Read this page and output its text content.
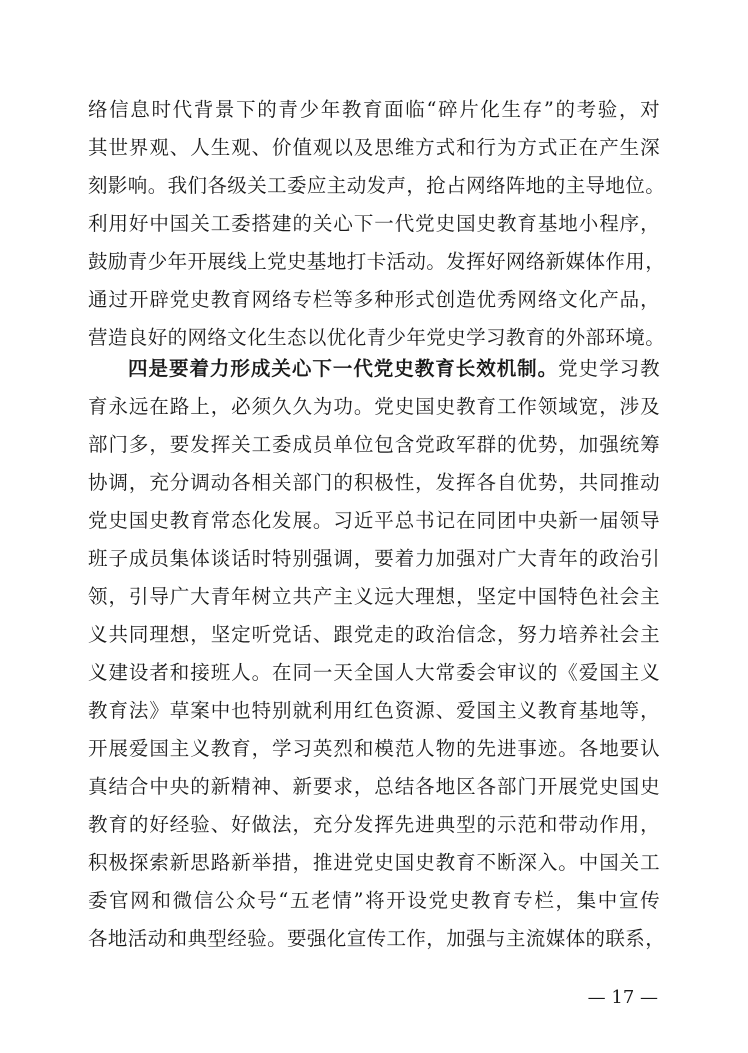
络信息时代背景下的青少年教育面临“碎片化生存”的考验，对
其世界观、人生观、价值观以及思维方式和行为方式正在产生深
刻影响。我们各级关工委应主动发声，抢占网络阵地的主导地位。
利用好中国关工委搭建的关心下一代党史国史教育基地小程序，
鼓励青少年开展线上党史基地打卡活动。发挥好网络新媒体作用，
通过开辟党史教育网络专栏等多种形式创造优秀网络文化产品，
营造良好的网络文化生态以优化青少年党史学习教育的外部环境。
四是要着力形成关心下一代党史教育长效机制。党史学习教
育永远在路上，必须久久为功。党史国史教育工作领域宽，涉及
部门多，要发挥关工委成员单位包含党政军群的优势，加强统筹
协调，充分调动各相关部门的积极性，发挥各自优势，共同推动
党史国史教育常态化发展。习近平总书记在同团中央新一届领导
班子成员集体谈话时特别强调，要着力加强对广大青年的政治引
领，引导广大青年树立共产主义远大理想，坚定中国特色社会主
义共同理想，坚定听党话、跟党走的政治信念，努力培养社会主
义建设者和接班人。在同一天全国人大常委会审议的《爱国主义
教育法》草案中也特别就利用红色资源、爱国主义教育基地等，
开展爱国主义教育，学习英烈和模范人物的先进事迹。各地要认
真结合中央的新精神、新要求，总结各地区各部门开展党史国史
教育的好经验、好做法，充分发挥先进典型的示范和带动作用，
积极探索新思路新举措，推进党史国史教育不断深入。中国关工
委官网和微信公众号“五老情”将开设党史教育专栏，集中宣传
各地活动和典型经验。要强化宣传工作，加强与主流媒体的联系，
— 17 —
